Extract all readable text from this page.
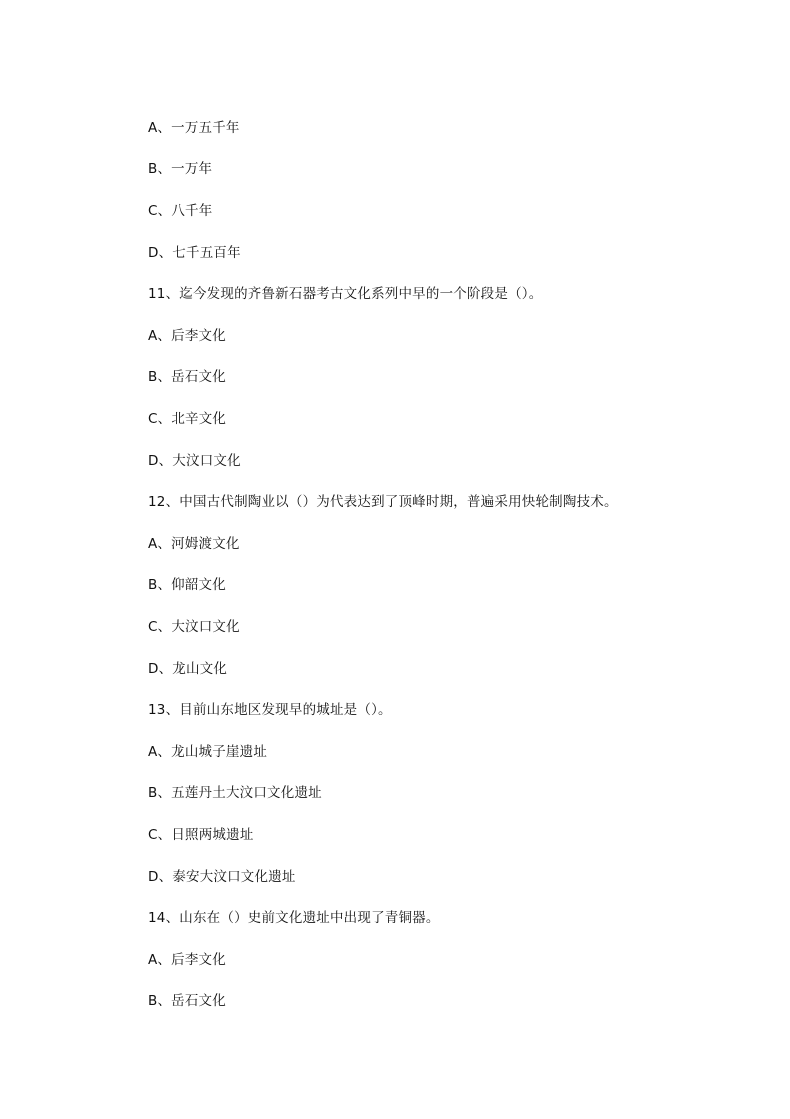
A、一万五千年
B、一万年
C、八千年
D、七千五百年
11、迄今发现的齐鲁新石器考古文化系列中早的一个阶段是（）。
A、后李文化
B、岳石文化
C、北辛文化
D、大汶口文化
12、中国古代制陶业以（）为代表达到了顶峰时期，普遍采用快轮制陶技术。
A、河姆渡文化
B、仰韶文化
C、大汶口文化
D、龙山文化
13、目前山东地区发现早的城址是（）。
A、龙山城子崖遗址
B、五莲丹土大汶口文化遗址
C、日照两城遗址
D、泰安大汶口文化遗址
14、山东在（）史前文化遗址中出现了青铜器。
A、后李文化
B、岳石文化
